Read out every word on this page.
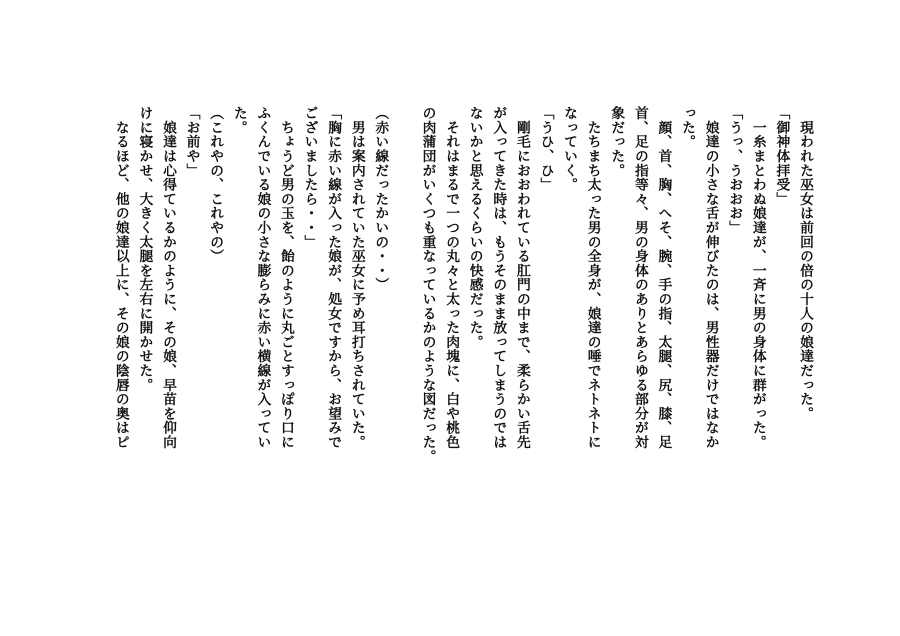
　現われた巫女は前回の倍の十人の娘達だった。
「御神体拝受」
　一糸まとわぬ娘達が、一斉に男の身体に群がった。
「うっ、うおおお」
　娘達の小さな舌が伸びたのは、男性器だけではなか
った。
　顔、首、胸、へそ、腕、手の指、太腿、尻、膝、足
首、足の指等々、男の身体のありとあらゆる部分が対
象だった。
　たちまち太った男の全身が、娘達の唾でネトネトに
なっていく。
「うひ、ひ」
　剛毛におおわれている肛門の中まで、柔らかい舌先
が入ってきた時は、もうそのまま放ってしまうのでは
ないかと思えるくらいの快感だった。
　それはまるで一つの丸々と太った肉塊に、白や桃色
の肉蒲団がいくつも重なっているかのような図だった。
（赤い線だったかいの・・）
　男は案内されていた巫女に予め耳打ちされていた。
「胸に赤い線が入った娘が、処女ですから、お望みで
ございましたら・・」
　ちょうど男の玉を、飴のように丸ごとすっぽり口に
ふくんでいる娘の小さな膨らみに赤い横線が入ってい
た。
（これやの、これやの）
「お前や」
　娘達は心得ているかのように、その娘、早苗を仰向
けに寝かせ、大きく太腿を左右に開かせた。
　なるほど、他の娘達以上に、その娘の陰唇の奥はピ
